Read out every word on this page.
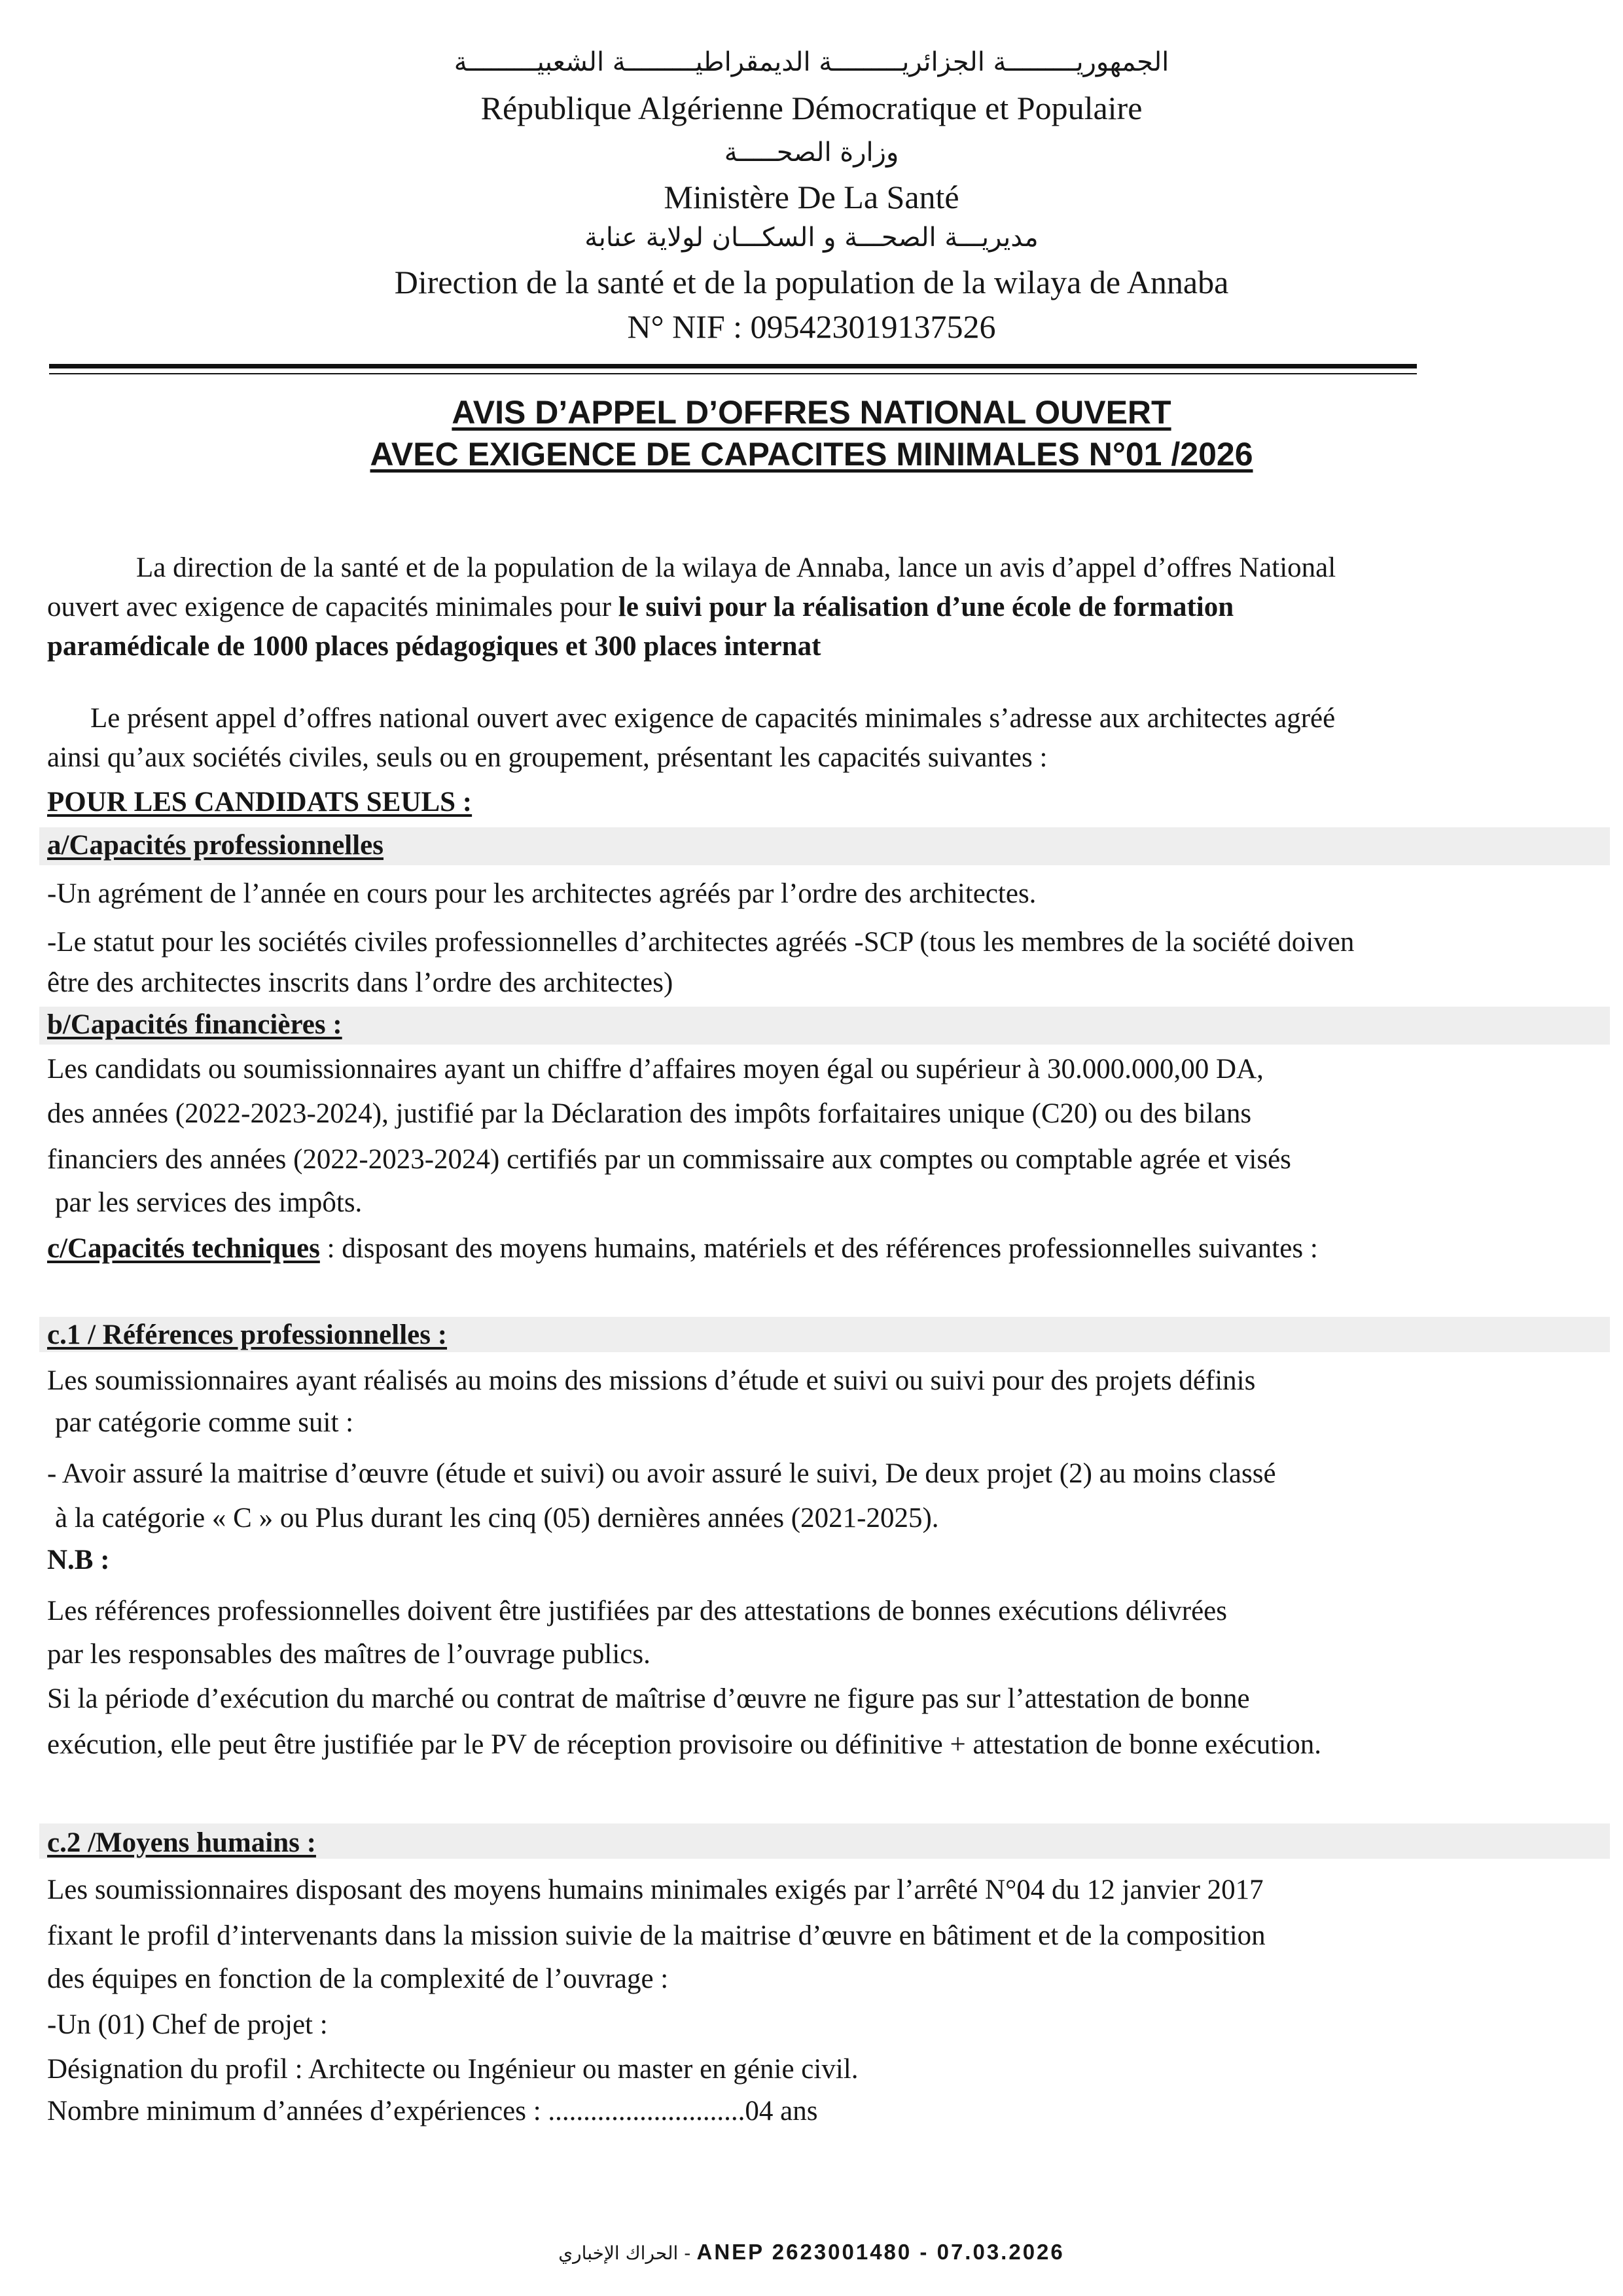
الجمهوريـــــــــة الجزائريـــــــــة الديمقراطيـــــــــة الشعبيـــــــــة
République Algérienne Démocratique et Populaire
وزارة الصحـــــة
Ministère De La Santé
مديريـــة الصحـــة و السكـــان لولاية عنابة
Direction de la santé et de la population de la wilaya de Annaba
N° NIF : 095423019137526
AVIS D’APPEL D’OFFRES NATIONAL OUVERT
AVEC EXIGENCE DE CAPACITES MINIMALES N°01 /2026
La direction de la santé et de la population de la wilaya de Annaba, lance un avis d’appel d’offres National
ouvert avec exigence de capacités minimales pour le suivi pour la réalisation d’une école de formation
paramédicale de 1000 places pédagogiques et 300 places internat
Le présent appel d’offres national ouvert avec exigence de capacités minimales s’adresse aux architectes agréé
ainsi qu’aux sociétés civiles, seuls ou en groupement, présentant les capacités suivantes :
POUR LES CANDIDATS SEULS :
a/Capacités professionnelles
-Un agrément de l’année en cours pour les architectes agréés par l’ordre des architectes.
-Le statut pour les sociétés civiles professionnelles d’architectes agréés -SCP (tous les membres de la société doiven
être des architectes inscrits dans l’ordre des architectes)
b/Capacités financières :
Les candidats ou soumissionnaires ayant un chiffre d’affaires moyen égal ou supérieur à 30.000.000,00 DA,
des années (2022-2023-2024), justifié par la Déclaration des impôts forfaitaires unique (C20) ou des bilans
financiers des années (2022-2023-2024) certifiés par un commissaire aux comptes ou comptable agrée et visés
par les services des impôts.
c/Capacités techniques : disposant des moyens humains, matériels et des références professionnelles suivantes :
c.1 / Références professionnelles :
Les soumissionnaires ayant réalisés au moins des missions d’étude et suivi ou suivi pour des projets définis
par catégorie comme suit :
- Avoir assuré la maitrise d’œuvre (étude et suivi) ou avoir assuré le suivi, De deux projet (2) au moins classé
à la catégorie « C » ou Plus durant les cinq (05) dernières années (2021-2025).
N.B :
Les références professionnelles doivent être justifiées par des attestations de bonnes exécutions délivrées
par les responsables des maîtres de l’ouvrage publics.
Si la période d’exécution du marché ou contrat de maîtrise d’œuvre ne figure pas sur l’attestation de bonne
exécution, elle peut être justifiée par le PV de réception provisoire ou définitive + attestation de bonne exécution.
c.2 /Moyens humains :
Les soumissionnaires disposant des moyens humains minimales exigés par l’arrêté N°04 du 12 janvier 2017
fixant le profil d’intervenants dans la mission suivie de la maitrise d’œuvre en bâtiment et de la composition
des équipes en fonction de la complexité de l’ouvrage :
-Un (01) Chef de projet :
Désignation du profil : Architecte ou Ingénieur ou master en génie civil.
Nombre minimum d’années d’expériences : ............................04 ans
الحراك الإخباري - ANEP 2623001480 - 07.03.2026
